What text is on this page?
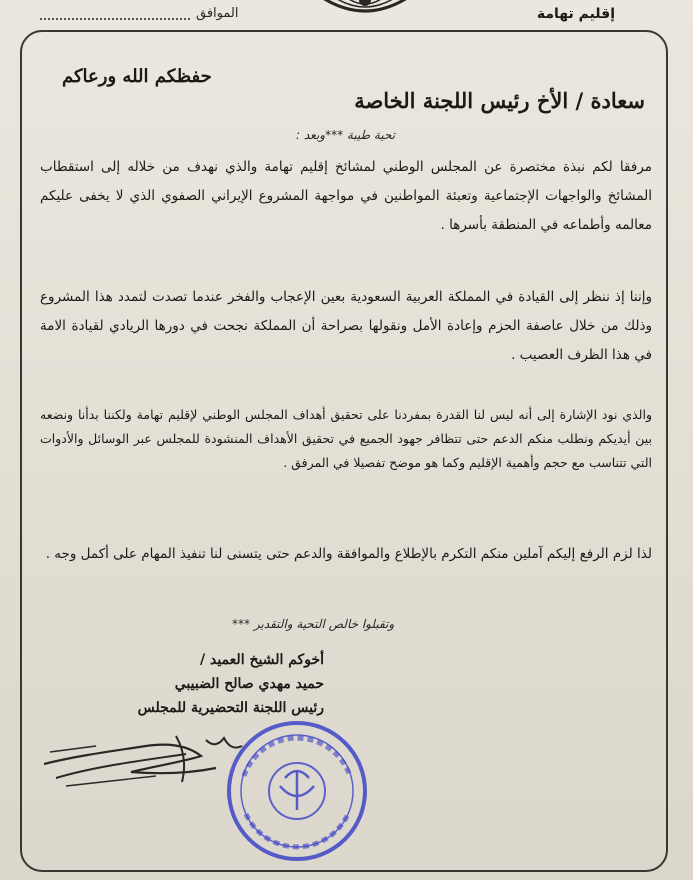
الموافق	إقليم تهامة
حفظكم الله ورعاكم
سعادة / الأخ رئيس اللجنة الخاصة
تحية طيبة ***وبعد :
مرفقا لكم نبذة مختصرة عن المجلس الوطني لمشائخ إقليم تهامة والذي نهدف من خلاله إلى استقطاب المشائخ والواجهات الإجتماعية وتعبئة المواطنين في مواجهة المشروع الإيراني الصفوي الذي لا يخفى عليكم معالمه وأطماعه في المنطقة بأسرها .
وإننا إذ ننظر إلى القيادة في المملكة العربية السعودية بعين الإعجاب والفخر عندما تصدت لتمدد هذا المشروع وذلك من خلال عاصفة الحزم وإعادة الأمل ونقولها بصراحة أن المملكة نجحت في دورها الريادي لقيادة الامة في هذا الظرف العصيب .
والذي نود الإشارة إلى أنه ليس لنا القدرة بمفردنا على تحقيق أهداف المجلس الوطني لإقليم تهامة ولكننا بدأنا ونضعه بين أيديكم ونطلب منكم الدعم حتى تتظافر جهود الجميع في تحقيق الأهداف المنشودة للمجلس عبر الوسائل والأدوات التي تتناسب مع حجم وأهمية الإقليم وكما هو موضح تفصيلا في المرفق .
لذا لزم الرفع إليكم آملين منكم التكرم بالإطلاع والموافقة والدعم حتى يتسنى لنا تنفيذ المهام على أكمل وجه .
وتقبلوا خالص التحية والتقدير ***
أخوكم الشيخ العميد /
حميد مهدي صالح الضبيبي
رئيس اللجنة التحضيرية للمجلس
